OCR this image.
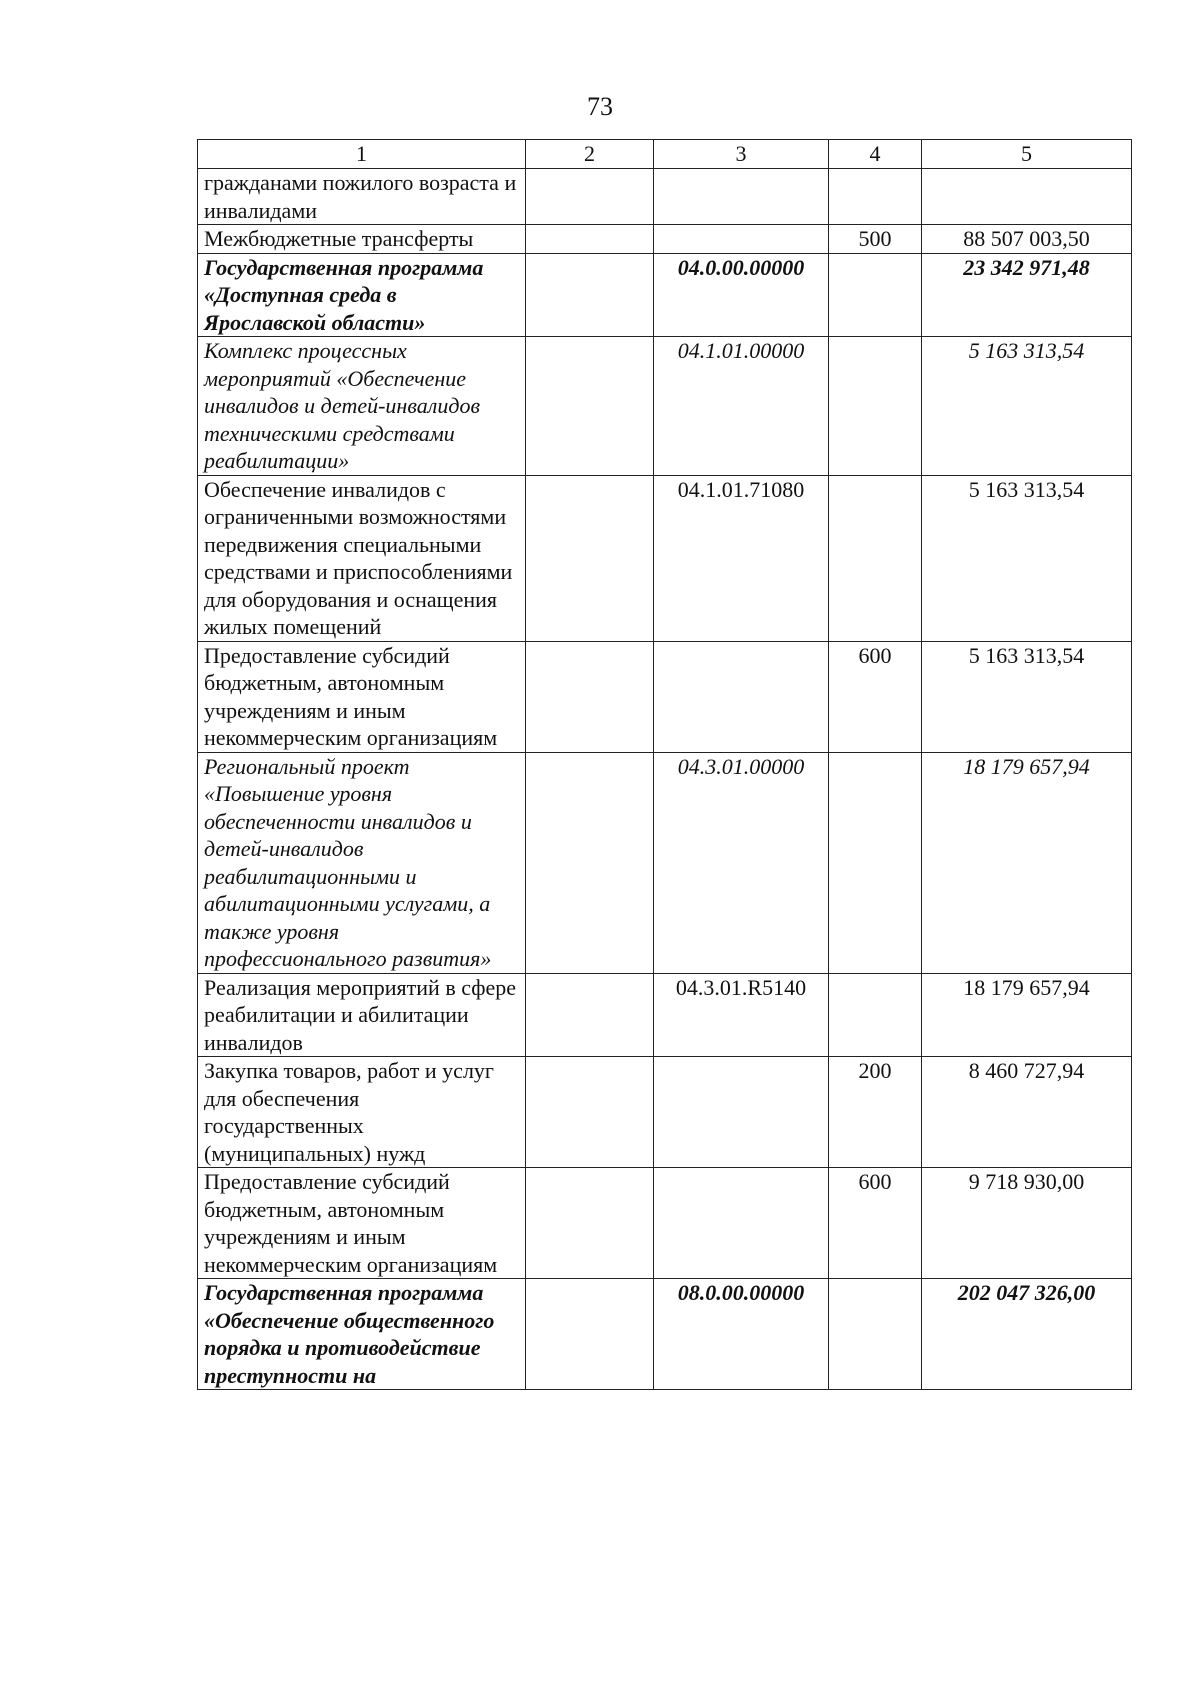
73
1	2	3	4	5
гражданами пожилого возраста и инвалидами				
Межбюджетные трансферты			500	88 507 003,50
Государственная программа «Доступная среда в Ярославской области»		04.0.00.00000		23 342 971,48
Комплекс процессных мероприятий «Обеспечение инвалидов и детей-инвалидов техническими средствами реабилитации»		04.1.01.00000		5 163 313,54
Обеспечение инвалидов с ограниченными возможностями передвижения специальными средствами и приспособлениями для оборудования и оснащения жилых помещений		04.1.01.71080		5 163 313,54
Предоставление субсидий бюджетным, автономным учреждениям и иным некоммерческим организациям			600	5 163 313,54
Региональный проект «Повышение уровня обеспеченности инвалидов и детей-инвалидов реабилитационными и абилитационными услугами, а также уровня профессионального развития»		04.3.01.00000		18 179 657,94
Реализация мероприятий в сфере реабилитации и абилитации инвалидов		04.3.01.R5140		18 179 657,94
Закупка товаров, работ и услуг для обеспечения государственных (муниципальных) нужд			200	8 460 727,94
Предоставление субсидий бюджетным, автономным учреждениям и иным некоммерческим организациям			600	9 718 930,00
Государственная программа «Обеспечение общественного порядка и противодействие преступности на		08.0.00.00000		202 047 326,00
